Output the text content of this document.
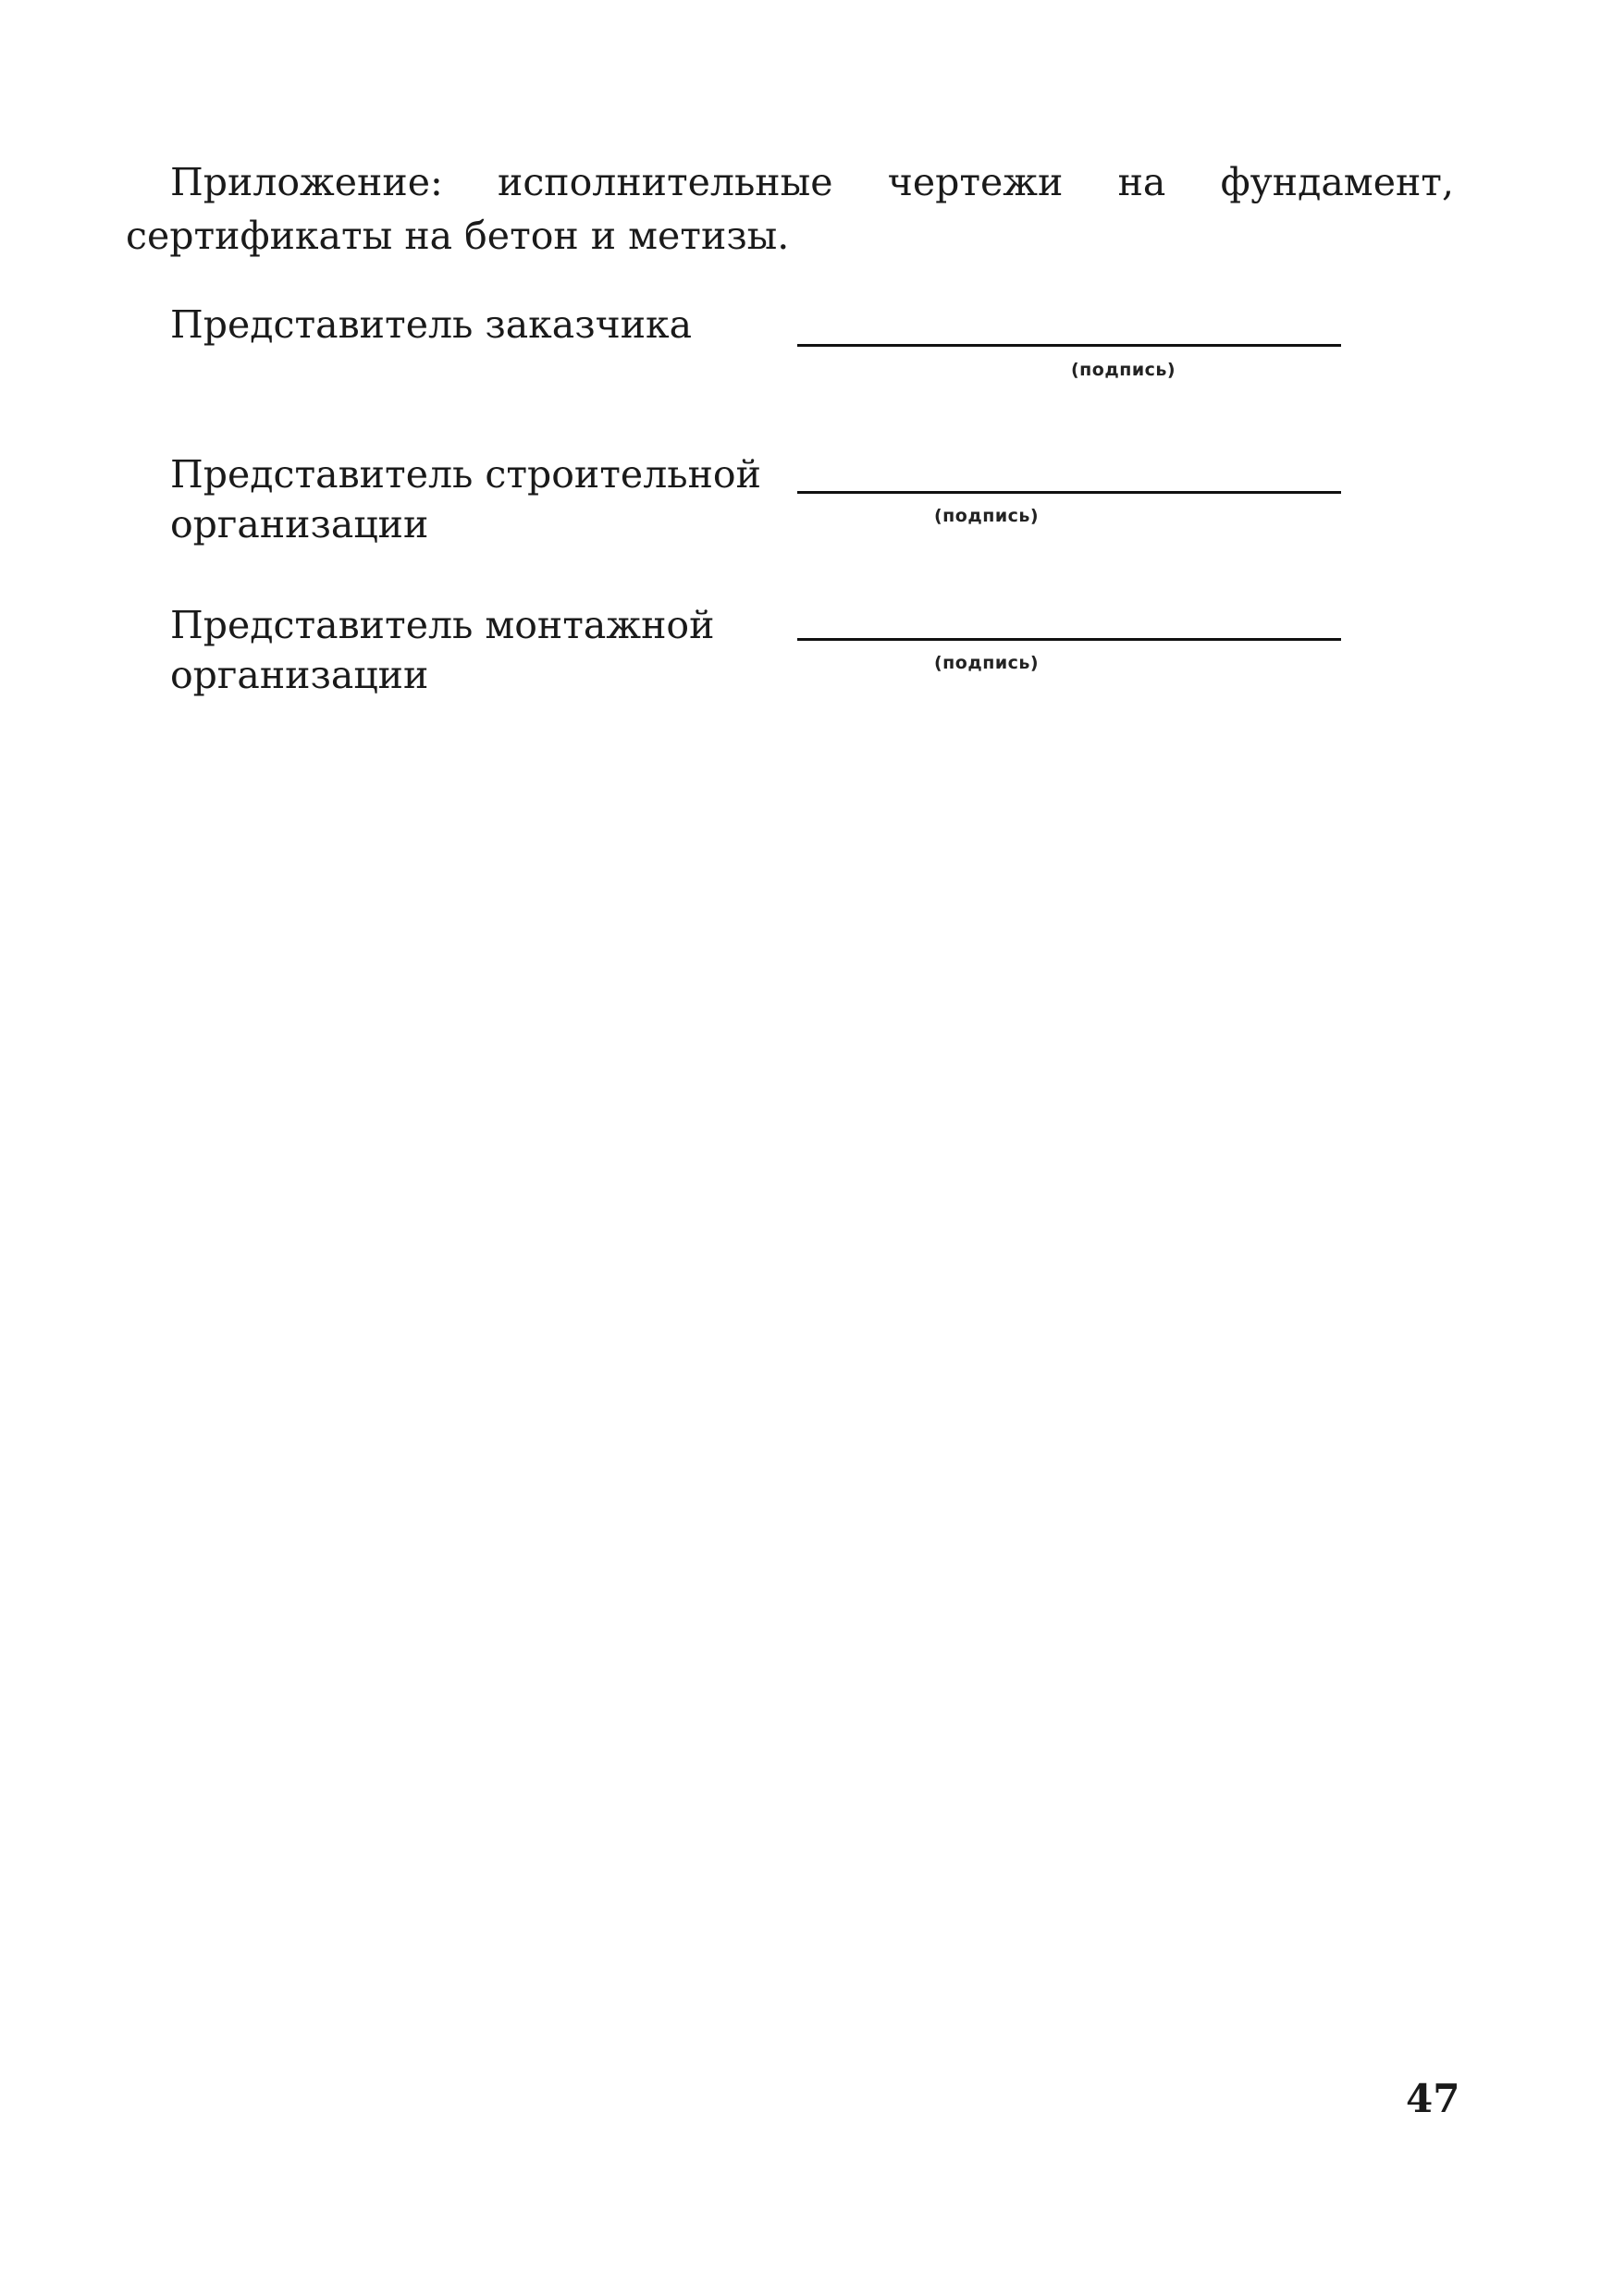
Приложение: исполнительные чертежи на фундамент, сертификаты на бетон и метизы.

Представитель заказчика
(подпись)
Представитель строительной
организации	(подпись)
Представитель монтажной
организации	(подпись)

47
